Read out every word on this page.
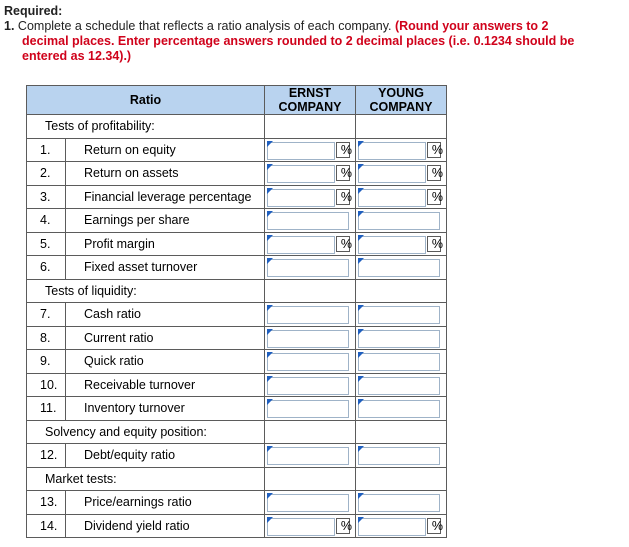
Required:
1. Complete a schedule that reflects a ratio analysis of each company. (Round your answers to 2
decimal places. Enter percentage answers rounded to 2 decimal places (i.e. 0.1234 should be
entered as 12.34).)
Ratio		ERNST
COMPANY	YOUNG
COMPANY
Tests of profitability:			
1.	Return on equity	%	%

2.	Return on assets	%	%

3.	Financial leverage percentage	%	%

4.	Earnings per share	

5.	Profit margin	%	%

6.	Fixed asset turnover	

Tests of liquidity:			
7.	Cash ratio	

8.	Current ratio	

9.	Quick ratio	

10.	Receivable turnover	

11.	Inventory turnover	

Solvency and equity position:			
12.	Debt/equity ratio	

Market tests:			
13.	Price/earnings ratio	

14.	Dividend yield ratio	%	%
